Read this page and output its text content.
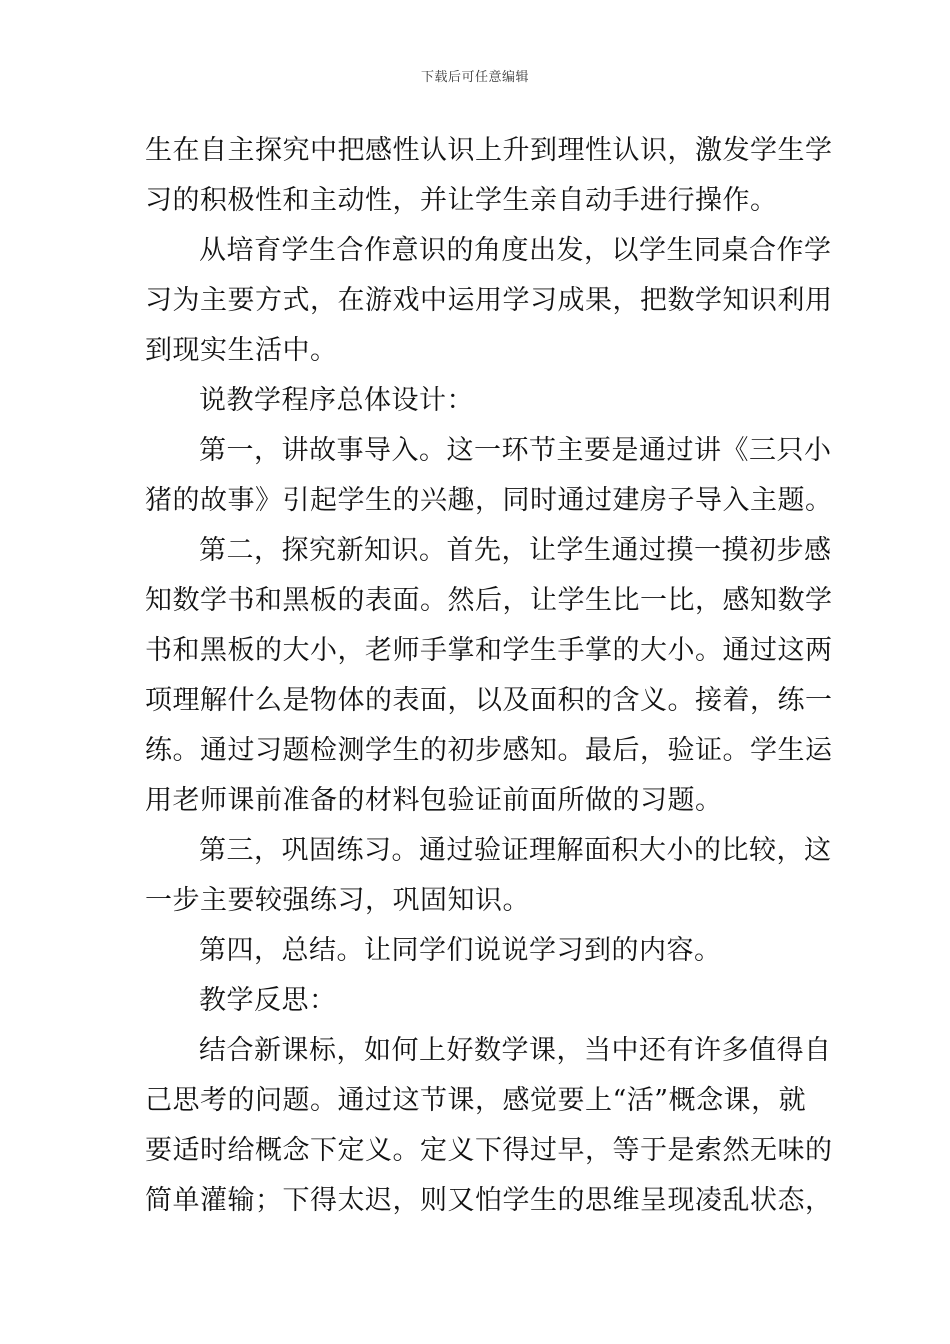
下载后可任意编辑
生在自主探究中把感性认识上升到理性认识，激发学生学
习的积极性和主动性，并让学生亲自动手进行操作。
从培育学生合作意识的角度出发，以学生同桌合作学
习为主要方式，在游戏中运用学习成果，把数学知识利用
到现实生活中。
说教学程序总体设计：
第一，讲故事导入。这一环节主要是通过讲《三只小
猪的故事》引起学生的兴趣，同时通过建房子导入主题。
第二，探究新知识。首先，让学生通过摸一摸初步感
知数学书和黑板的表面。然后，让学生比一比，感知数学
书和黑板的大小，老师手掌和学生手掌的大小。通过这两
项理解什么是物体的表面，以及面积的含义。接着，练一
练。通过习题检测学生的初步感知。最后，验证。学生运
用老师课前准备的材料包验证前面所做的习题。
第三，巩固练习。通过验证理解面积大小的比较，这
一步主要较强练习，巩固知识。
第四，总结。让同学们说说学习到的内容。
教学反思：
结合新课标，如何上好数学课，当中还有许多值得自
己思考的问题。通过这节课，感觉要上“活”概念课，就
要适时给概念下定义。定义下得过早，等于是索然无味的
简单灌输；下得太迟，则又怕学生的思维呈现凌乱状态，
